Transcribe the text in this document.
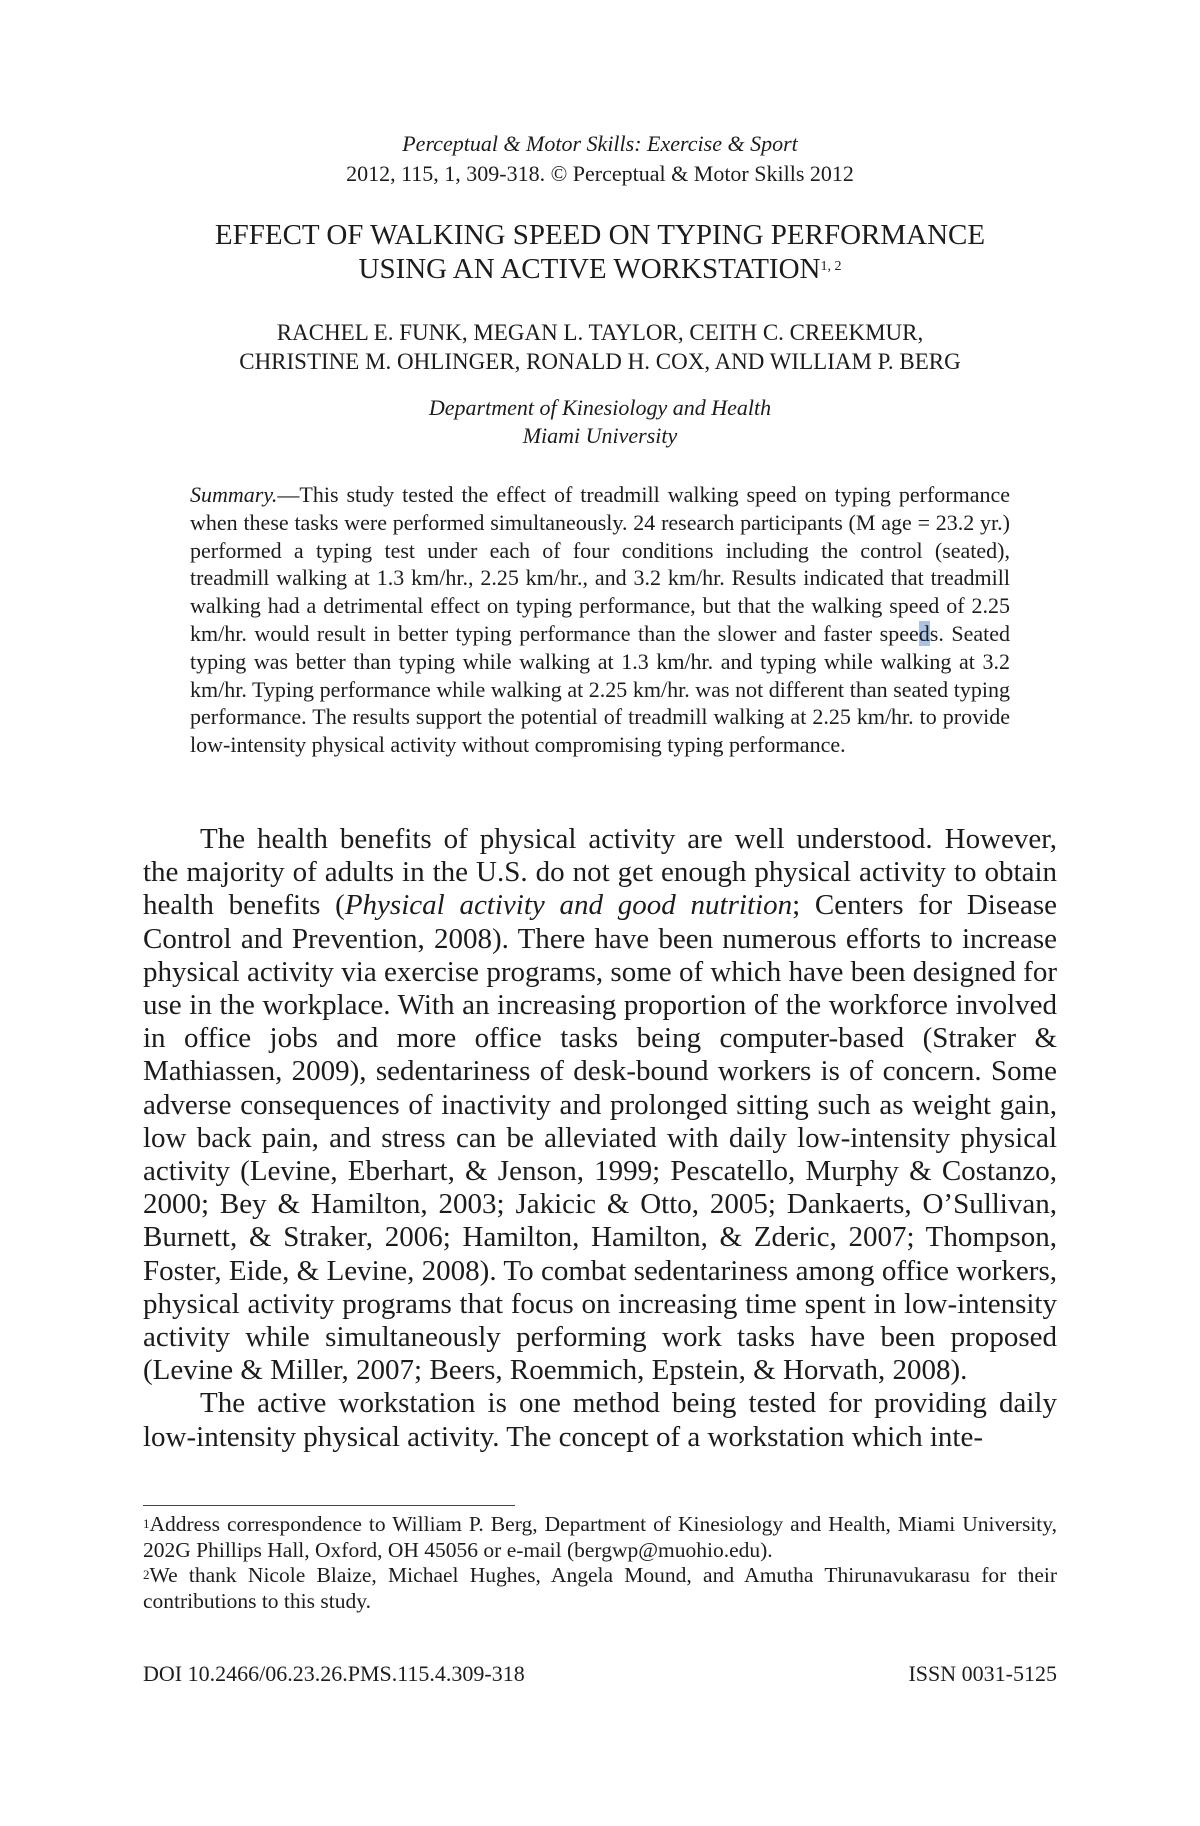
Perceptual & Motor Skills: Exercise & Sport
2012, 115, 1, 309-318. © Perceptual & Motor Skills 2012
EFFECT OF WALKING SPEED ON TYPING PERFORMANCE
USING AN ACTIVE WORKSTATION$^{1, 2}$
RACHEL E. FUNK, MEGAN L. TAYLOR, CEITH C. CREEKMUR,
CHRISTINE M. OHLINGER, RONALD H. COX, AND WILLIAM P. BERG
Department of Kinesiology and Health
Miami University
Summary.—This study tested the effect of treadmill walking speed on typing performance when these tasks were performed simultaneously. 24 research participants (M age = 23.2 yr.) performed a typing test under each of four conditions including the control (seated), treadmill walking at 1.3 km/hr., 2.25 km/hr., and 3.2 km/hr. Results indicated that treadmill walking had a detrimental effect on typing performance, but that the walking speed of 2.25 km/hr. would result in better typing performance than the slower and faster speeds. Seated typing was better than typing while walking at 1.3 km/hr. and typing while walking at 3.2 km/hr. Typing performance while walking at 2.25 km/hr. was not different than seated typing performance. The results support the potential of treadmill walking at 2.25 km/hr. to provide low-intensity physical activity without compromising typing performance.

The health benefits of physical activity are well understood. However, the majority of adults in the U.S. do not get enough physical activity to obtain health benefits (Physical activity and good nutrition; Centers for Disease Control and Prevention, 2008). There have been numerous efforts to increase physical activity via exercise programs, some of which have been designed for use in the workplace. With an increasing proportion of the workforce involved in office jobs and more office tasks being computer-based (Straker & Mathiassen, 2009), sedentariness of desk-bound workers is of concern. Some adverse consequences of inactivity and prolonged sitting such as weight gain, low back pain, and stress can be alleviated with daily low-intensity physical activity (Levine, Eberhart, & Jenson, 1999; Pescatello, Murphy & Costanzo, 2000; Bey & Hamilton, 2003; Jakicic & Otto, 2005; Dankaerts, O’Sullivan, Burnett, & Straker, 2006; Hamilton, Hamilton, & Zderic, 2007; Thompson, Foster, Eide, & Levine, 2008). To combat sedentariness among office workers, physical activity programs that focus on increasing time spent in low-intensity activity while simultaneously performing work tasks have been proposed (Levine & Miller, 2007; Beers, Roemmich, Epstein, & Horvath, 2008).

The active workstation is one method being tested for providing daily low-intensity physical activity. The concept of a workstation which inte-

$^1$Address correspondence to William P. Berg, Department of Kinesiology and Health, Miami University, 202G Phillips Hall, Oxford, OH 45056 or e-mail (bergwp@muohio.edu).

$^2$We thank Nicole Blaize, Michael Hughes, Angela Mound, and Amutha Thirunavukarasu for their contributions to this study.

DOI 10.2466/06.23.26.PMS.115.4.309-318	ISSN 0031-5125
